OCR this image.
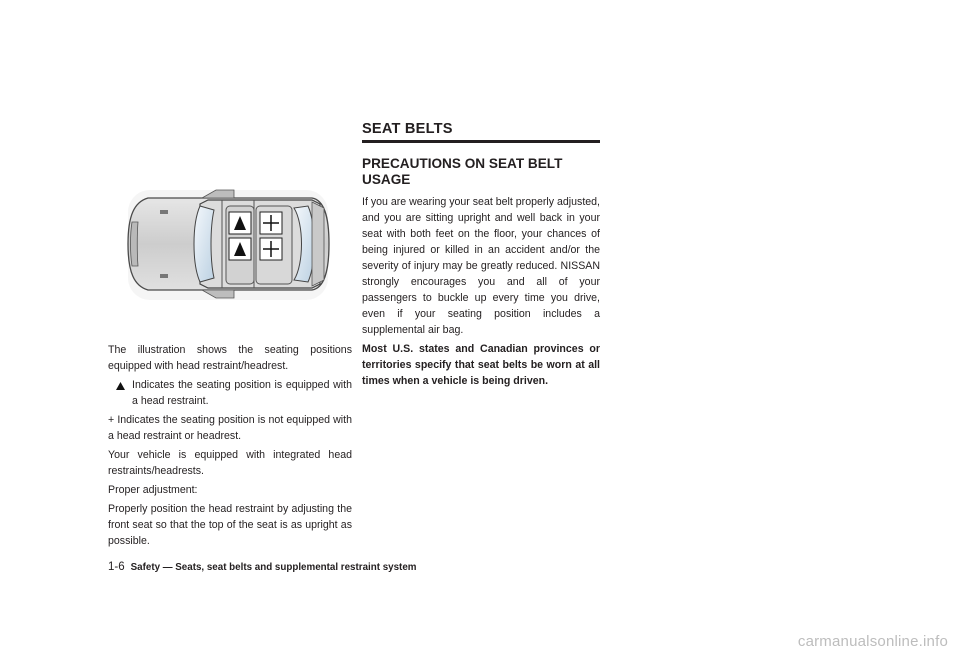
The illustration shows the seating positions equipped with head restraint/headrest.

Indicates the seating position is equipped with a head restraint.

+ Indicates the seating position is not equipped with a head restraint or headrest.

Your vehicle is equipped with integrated head restraints/headrests.

Proper adjustment:

Properly position the head restraint by adjusting the front seat so that the top of the seat is as upright as possible.

SEAT BELTS
PRECAUTIONS ON SEAT BELT USAGE

If you are wearing your seat belt properly adjusted, and you are sitting upright and well back in your seat with both feet on the floor, your chances of being injured or killed in an accident and/or the severity of injury may be greatly reduced. NISSAN strongly encourages you and all of your passengers to buckle up every time you drive, even if your seating position includes a supplemental air bag.

Most U.S. states and Canadian provinces or territories specify that seat belts be worn at all times when a vehicle is being driven.

1-6 Safety — Seats, seat belts and supplemental restraint system
carmanualsonline.info
